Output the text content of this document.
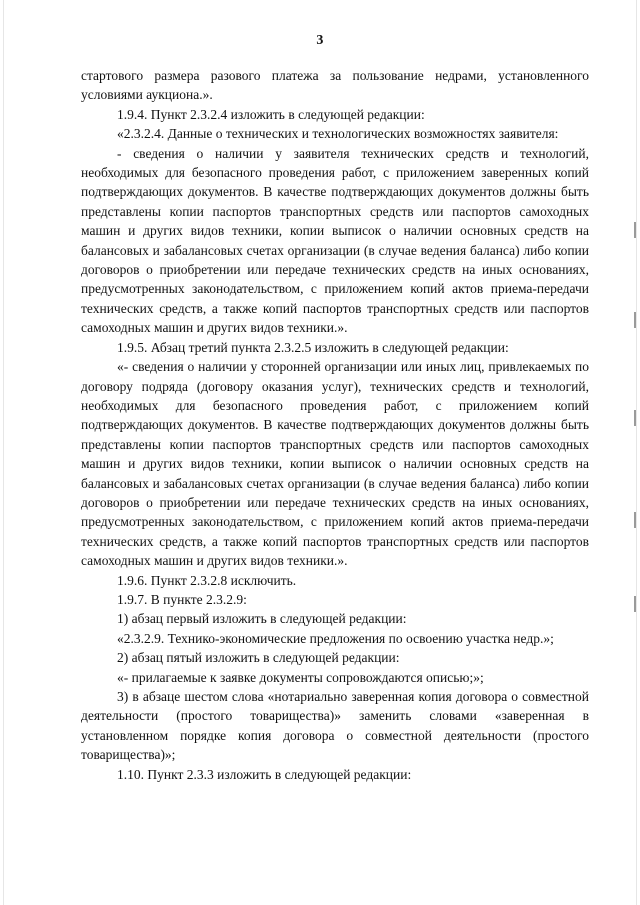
3

стартового размера разового платежа за пользование недрами, установленного условиями аукциона.».

1.9.4. Пункт 2.3.2.4 изложить в следующей редакции:

«2.3.2.4. Данные о технических и технологических возможностях заявителя:

- сведения о наличии у заявителя технических средств и технологий, необходимых для безопасного проведения работ, с приложением заверенных копий подтверждающих документов. В качестве подтверждающих документов должны быть представлены копии паспортов транспортных средств или паспортов самоходных машин и других видов техники, копии выписок о наличии основных средств на балансовых и забалансовых счетах организации (в случае ведения баланса) либо копии договоров о приобретении или передаче технических средств на иных основаниях, предусмотренных законодательством, с приложением копий актов приема-передачи технических средств, а также копий паспортов транспортных средств или паспортов самоходных машин и других видов техники.».

1.9.5. Абзац третий пункта 2.3.2.5 изложить в следующей редакции:

«- сведения о наличии у сторонней организации или иных лиц, привлекаемых по договору подряда (договору оказания услуг), технических средств и технологий, необходимых для безопасного проведения работ, с приложением копий подтверждающих документов. В качестве подтверждающих документов должны быть представлены копии паспортов транспортных средств или паспортов самоходных машин и других видов техники, копии выписок о наличии основных средств на балансовых и забалансовых счетах организации (в случае ведения баланса) либо копии договоров о приобретении или передаче технических средств на иных основаниях, предусмотренных законодательством, с приложением копий актов приема-передачи технических средств, а также копий паспортов транспортных средств или паспортов самоходных машин и других видов техники.».

1.9.6. Пункт 2.3.2.8 исключить.

1.9.7. В пункте 2.3.2.9:

1) абзац первый изложить в следующей редакции:

«2.3.2.9. Технико-экономические предложения по освоению участка недр.»;

2) абзац пятый изложить в следующей редакции:

«- прилагаемые к заявке документы сопровождаются описью;»;

3) в абзаце шестом слова «нотариально заверенная копия договора о совместной деятельности (простого товарищества)» заменить словами «заверенная в установленном порядке копия договора о совместной деятельности (простого товарищества)»;

1.10. Пункт 2.3.3 изложить в следующей редакции:
